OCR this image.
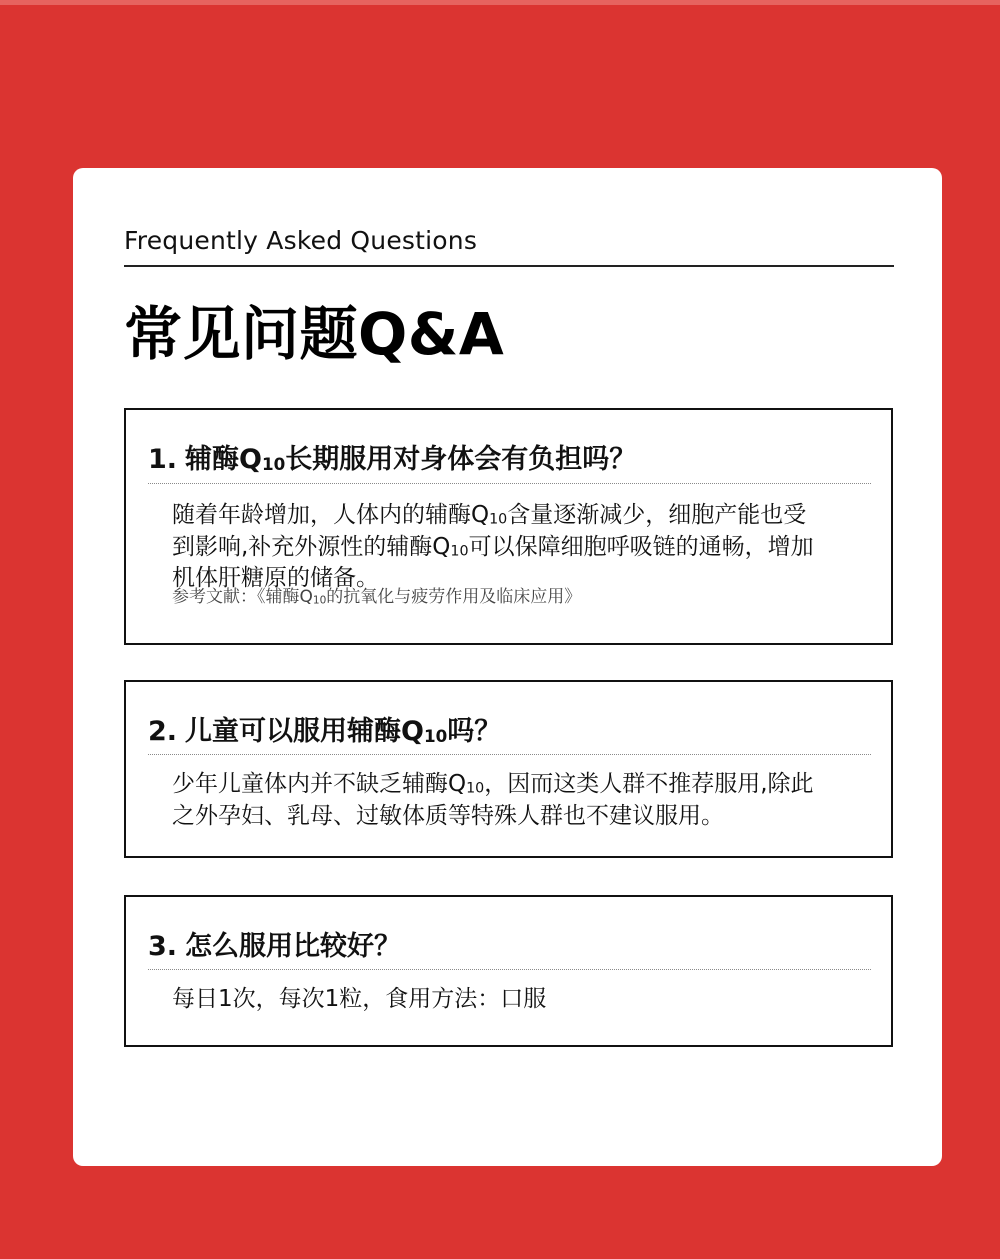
Frequently Asked Questions
常见问题Q&A
1. 辅酶Q10长期服用对身体会有负担吗？
随着年龄增加，人体内的辅酶Q10含量逐渐减少，细胞产能也受
到影响,补充外源性的辅酶Q10可以保障细胞呼吸链的通畅，增加
机体肝糖原的储备。
参考文献：《辅酶Q10的抗氧化与疲劳作用及临床应用》
2. 儿童可以服用辅酶Q10吗？
少年儿童体内并不缺乏辅酶Q10，因而这类人群不推荐服用,除此
之外孕妇、乳母、过敏体质等特殊人群也不建议服用。
3. 怎么服用比较好？
每日1次，每次1粒，食用方法：口服
